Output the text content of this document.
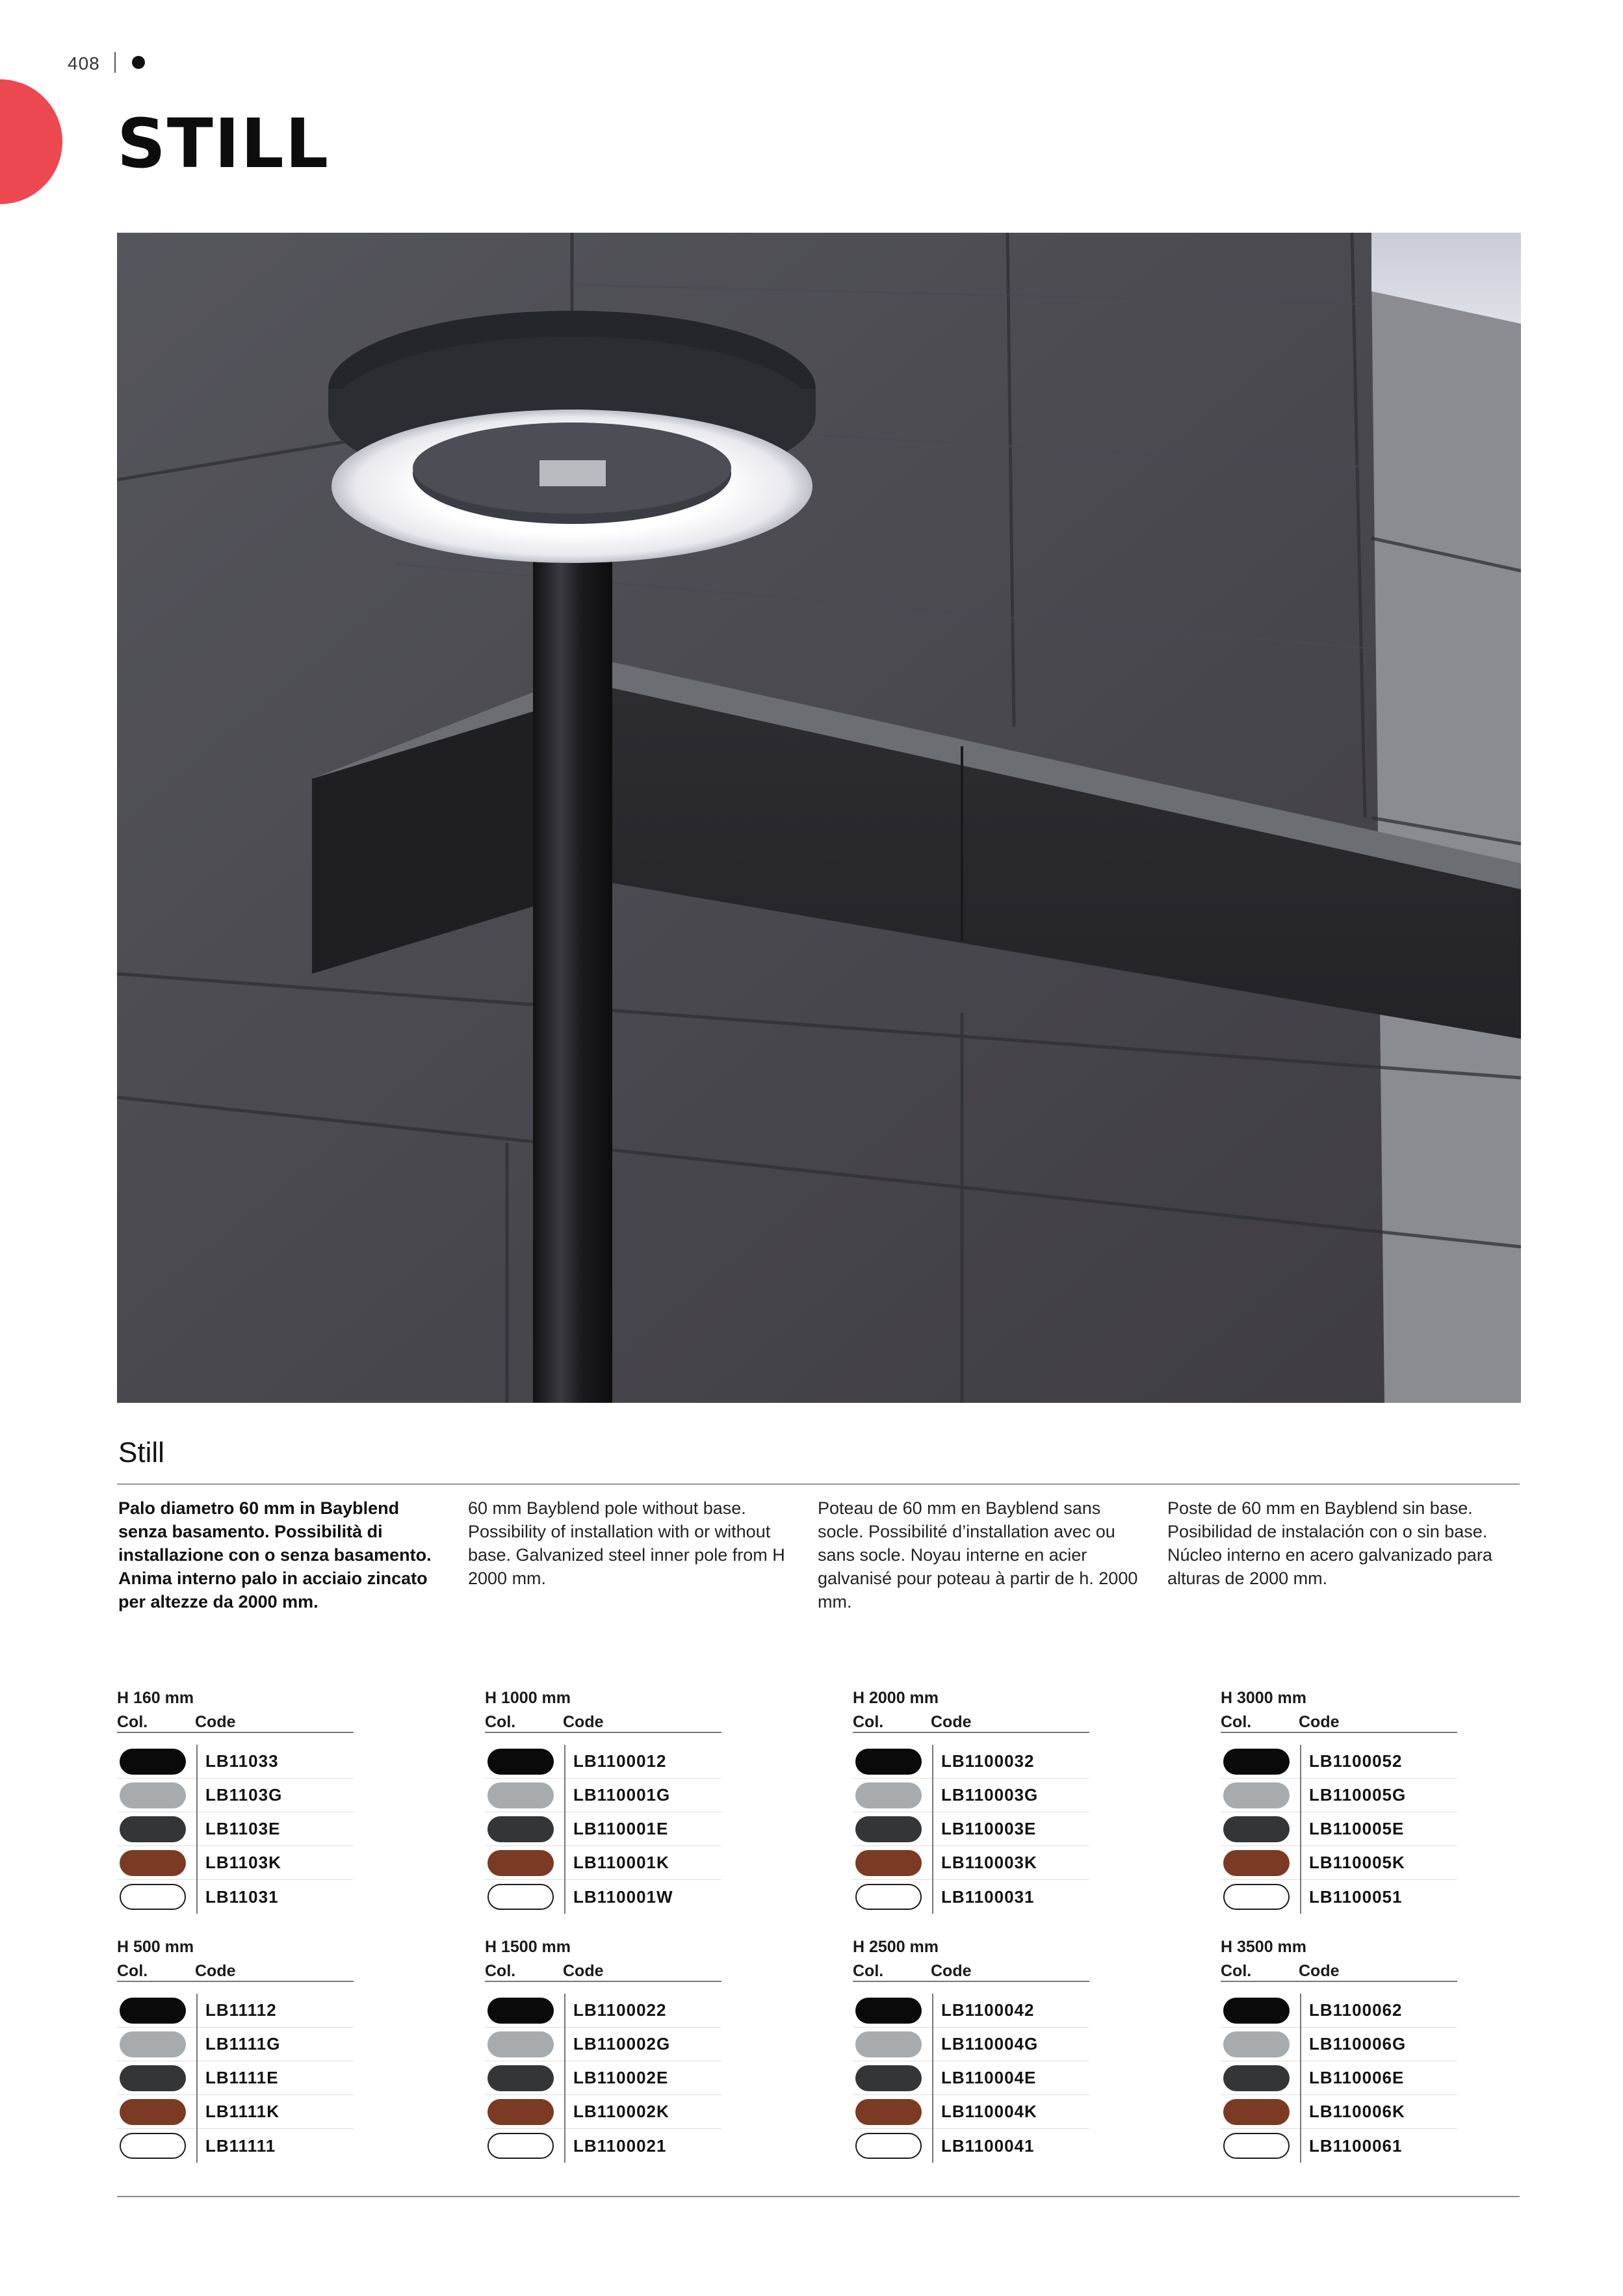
408
STILL
Still

Palo diametro 60 mm in Bayblend senza basamento. Possibilità di installazione con o senza basamento. Anima interno palo in acciaio zincato per altezze da 2000 mm.

60 mm Bayblend pole without base. Possibility of installation with or without base. Galvanized steel inner pole from H 2000 mm.

Poteau de 60 mm en Bayblend sans socle. Possibilité d’installation avec ou sans socle. Noyau interne en acier galvanisé pour poteau à partir de h. 2000 mm.

Poste de 60 mm en Bayblend sin base. Posibilidad de instalación con o sin base. Núcleo interno en acero galvanizado para alturas de 2000 mm.

H 160 mm
Col.	Code
LB11033
LB1103G
LB1103E
LB1103K
LB11031
H 1000 mm
Col.	Code
LB1100012
LB110001G
LB110001E
LB110001K
LB110001W
H 2000 mm
Col.	Code
LB1100032
LB110003G
LB110003E
LB110003K
LB1100031
H 3000 mm
Col.	Code
LB1100052
LB110005G
LB110005E
LB110005K
LB1100051
H 500 mm
Col.	Code
LB11112
LB1111G
LB1111E
LB1111K
LB11111
H 1500 mm
Col.	Code
LB1100022
LB110002G
LB110002E
LB110002K
LB1100021
H 2500 mm
Col.	Code
LB1100042
LB110004G
LB110004E
LB110004K
LB1100041
H 3500 mm
Col.	Code
LB1100062
LB110006G
LB110006E
LB110006K
LB1100061
